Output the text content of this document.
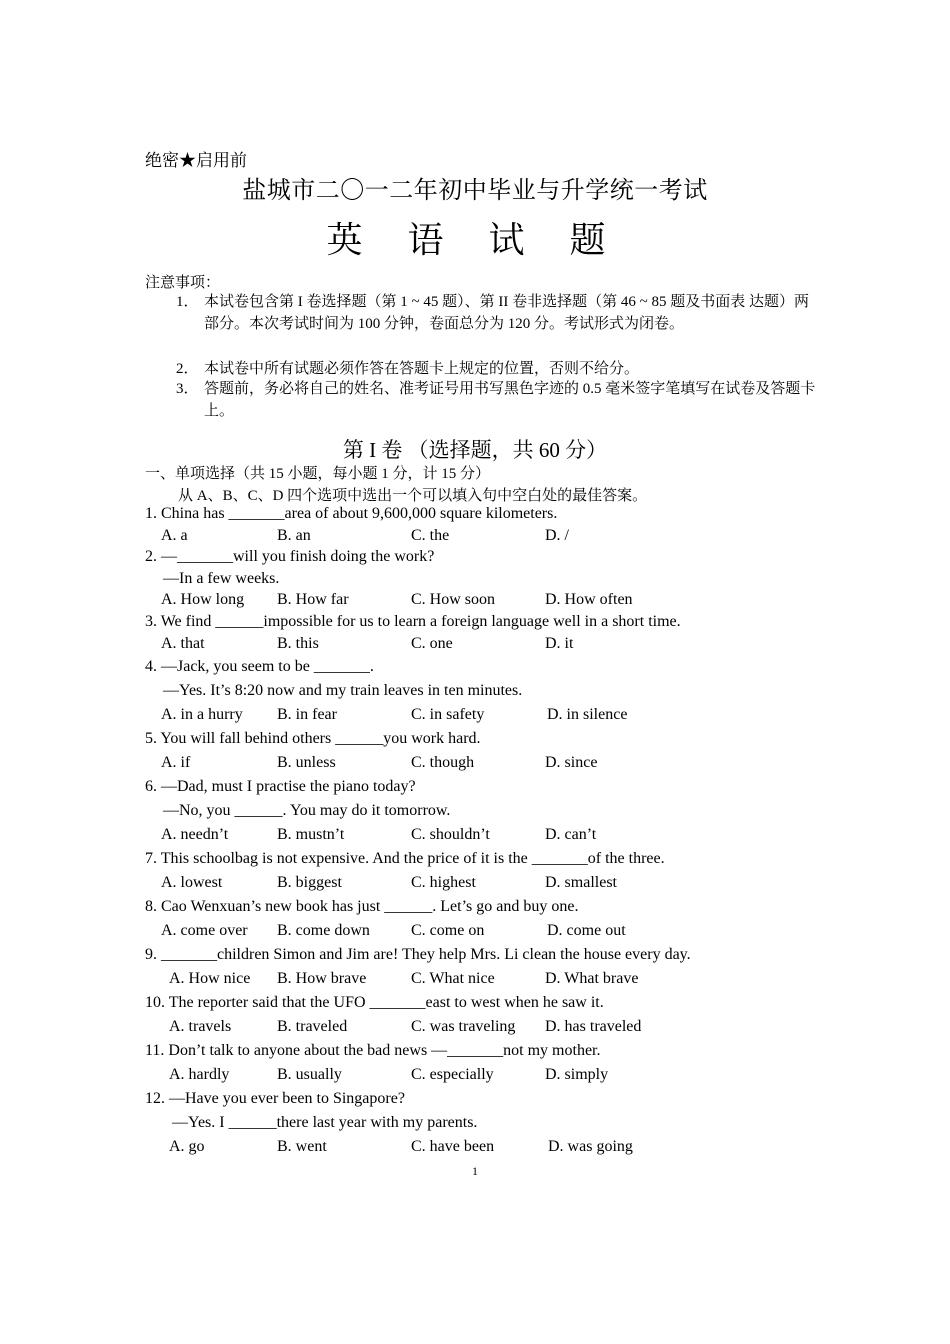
绝密★启用前
盐城市二〇一二年初中毕业与升学统一考试
英 语 试 题
注意事项：
1． 本试卷包含第 I 卷选择题（第 1 ~ 45 题）、第 II 卷非选择题（第 46 ~ 85 题及书面表 达题）两部分。本次考试时间为 100 分钟，卷面总分为 120 分。考试形式为闭卷。
2． 本试卷中所有试题必须作答在答题卡上规定的位置，否则不给分。
3． 答题前，务必将自己的姓名、准考证号用书写黑色字迹的 0.5 毫米签字笔填写在试卷及答题卡上。
第 I 卷 （选择题，共 60 分）
一、单项选择（共 15 小题，每小题 1 分，计 15 分）
从 A、B、C、D 四个选项中选出一个可以填入句中空白处的最佳答案。
1. China has _______area of about 9,600,000 square kilometers.
A. a	B. an	C. the	D. /
2. —_______will you finish doing the work?
—In a few weeks.
A. How long B. How far	C. How soon	D. How often
3. We find ______impossible for us to learn a foreign language well in a short time.
A. that	B. this	C. one	D. it
4. —Jack, you seem to be _______.
—Yes. It’s 8:20 now and my train leaves in ten minutes.
A. in a hurry B. in fear	C. in safety	D. in silence
5. You will fall behind others ______you work hard.
A. if	B. unless	C. though	D. since
6. —Dad, must I practise the piano today?
—No, you ______. You may do it tomorrow.
A. needn’t	B. mustn’t	C. shouldn’t	D. can’t
7. This schoolbag is not expensive. And the price of it is the _______of the three.
A. lowest	B. biggest	C. highest	D. smallest
8. Cao Wenxuan’s new book has just ______. Let’s go and buy one.
A. come over B. come down	C. come on	D. come out
9. _______children Simon and Jim are! They help Mrs. Li clean the house every day.
A. How nice B. How brave	C. What nice	D. What brave
10. The reporter said that the UFO _______east to west when he saw it.
A. travels	B. traveled	C. was traveling D. has traveled
11. Don’t talk to anyone about the bad news —_______not my mother.
A. hardly	B. usually	C. especially	D. simply
12. —Have you ever been to Singapore?
—Yes. I ______there last year with my parents.
A. go	B. went	C. have been	D. was going
1
